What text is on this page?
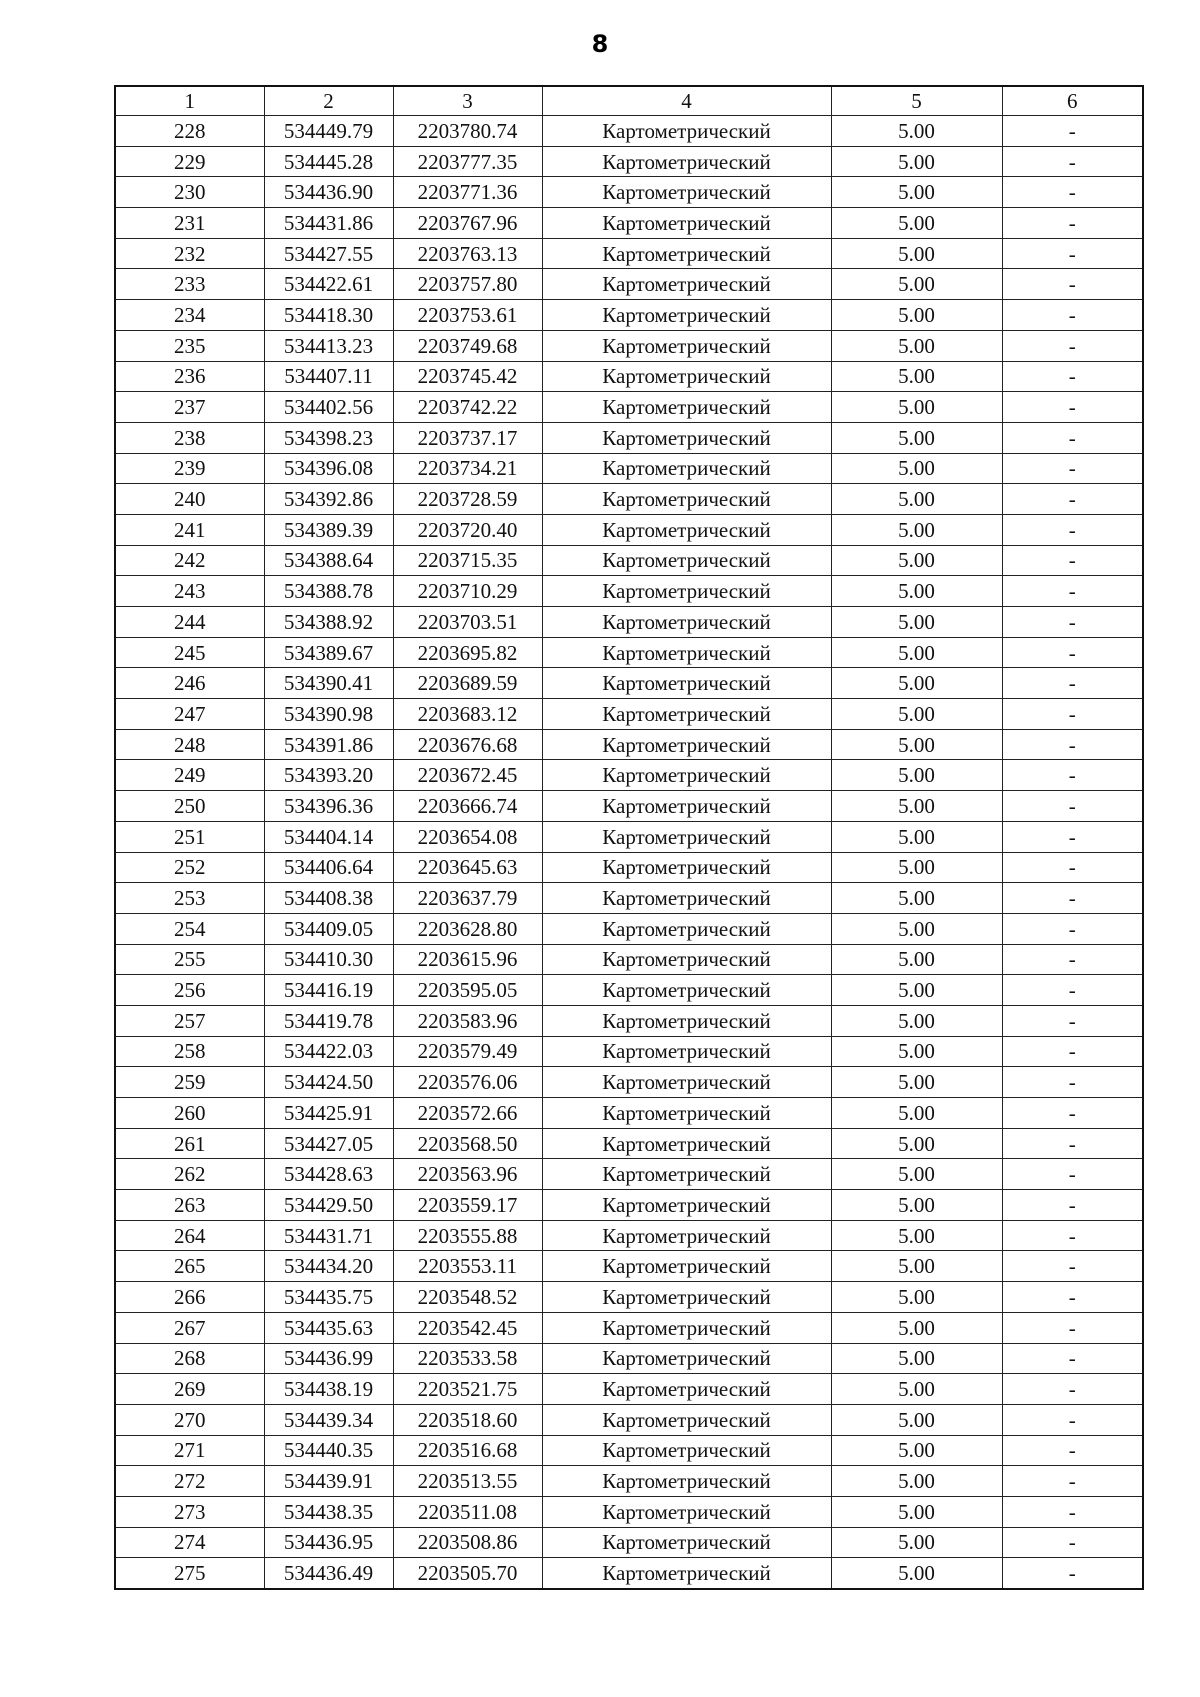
8
1	2	3	4	5	6
228	534449.79	2203780.74	Картометрический	5.00	-
229	534445.28	2203777.35	Картометрический	5.00	-
230	534436.90	2203771.36	Картометрический	5.00	-
231	534431.86	2203767.96	Картометрический	5.00	-
232	534427.55	2203763.13	Картометрический	5.00	-
233	534422.61	2203757.80	Картометрический	5.00	-
234	534418.30	2203753.61	Картометрический	5.00	-
235	534413.23	2203749.68	Картометрический	5.00	-
236	534407.11	2203745.42	Картометрический	5.00	-
237	534402.56	2203742.22	Картометрический	5.00	-
238	534398.23	2203737.17	Картометрический	5.00	-
239	534396.08	2203734.21	Картометрический	5.00	-
240	534392.86	2203728.59	Картометрический	5.00	-
241	534389.39	2203720.40	Картометрический	5.00	-
242	534388.64	2203715.35	Картометрический	5.00	-
243	534388.78	2203710.29	Картометрический	5.00	-
244	534388.92	2203703.51	Картометрический	5.00	-
245	534389.67	2203695.82	Картометрический	5.00	-
246	534390.41	2203689.59	Картометрический	5.00	-
247	534390.98	2203683.12	Картометрический	5.00	-
248	534391.86	2203676.68	Картометрический	5.00	-
249	534393.20	2203672.45	Картометрический	5.00	-
250	534396.36	2203666.74	Картометрический	5.00	-
251	534404.14	2203654.08	Картометрический	5.00	-
252	534406.64	2203645.63	Картометрический	5.00	-
253	534408.38	2203637.79	Картометрический	5.00	-
254	534409.05	2203628.80	Картометрический	5.00	-
255	534410.30	2203615.96	Картометрический	5.00	-
256	534416.19	2203595.05	Картометрический	5.00	-
257	534419.78	2203583.96	Картометрический	5.00	-
258	534422.03	2203579.49	Картометрический	5.00	-
259	534424.50	2203576.06	Картометрический	5.00	-
260	534425.91	2203572.66	Картометрический	5.00	-
261	534427.05	2203568.50	Картометрический	5.00	-
262	534428.63	2203563.96	Картометрический	5.00	-
263	534429.50	2203559.17	Картометрический	5.00	-
264	534431.71	2203555.88	Картометрический	5.00	-
265	534434.20	2203553.11	Картометрический	5.00	-
266	534435.75	2203548.52	Картометрический	5.00	-
267	534435.63	2203542.45	Картометрический	5.00	-
268	534436.99	2203533.58	Картометрический	5.00	-
269	534438.19	2203521.75	Картометрический	5.00	-
270	534439.34	2203518.60	Картометрический	5.00	-
271	534440.35	2203516.68	Картометрический	5.00	-
272	534439.91	2203513.55	Картометрический	5.00	-
273	534438.35	2203511.08	Картометрический	5.00	-
274	534436.95	2203508.86	Картометрический	5.00	-
275	534436.49	2203505.70	Картометрический	5.00	-
